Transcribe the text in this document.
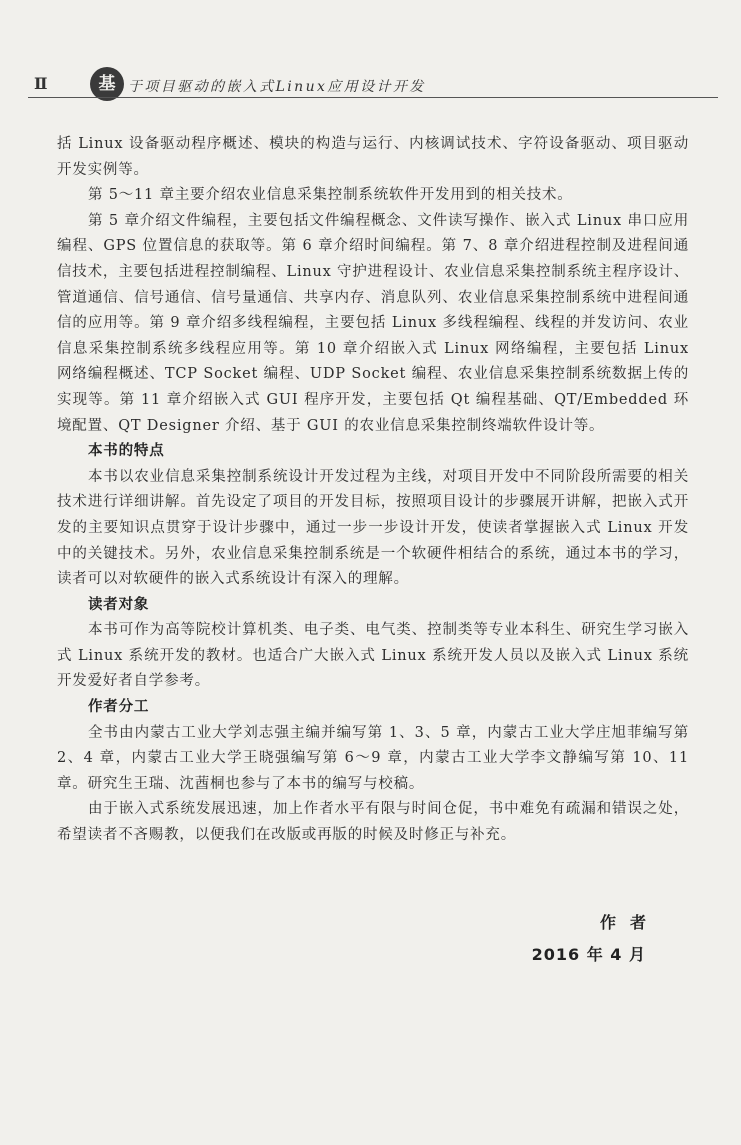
Ⅱ	基 于项目驱动的嵌入式Linux应用设计开发

括 Linux 设备驱动程序概述、模块的构造与运行、内核调试技术、字符设备驱动、项目驱动开发实例等。

第 5～11 章主要介绍农业信息采集控制系统软件开发用到的相关技术。

第 5 章介绍文件编程，主要包括文件编程概念、文件读写操作、嵌入式 Linux 串口应用编程、GPS 位置信息的获取等。第 6 章介绍时间编程。第 7、8 章介绍进程控制及进程间通信技术，主要包括进程控制编程、Linux 守护进程设计、农业信息采集控制系统主程序设计、管道通信、信号通信、信号量通信、共享内存、消息队列、农业信息采集控制系统中进程间通信的应用等。第 9 章介绍多线程编程，主要包括 Linux 多线程编程、线程的并发访问、农业信息采集控制系统多线程应用等。第 10 章介绍嵌入式 Linux 网络编程，主要包括 Linux 网络编程概述、TCP Socket 编程、UDP Socket 编程、农业信息采集控制系统数据上传的实现等。第 11 章介绍嵌入式 GUI 程序开发，主要包括 Qt 编程基础、QT/Embedded 环境配置、QT Designer 介绍、基于 GUI 的农业信息采集控制终端软件设计等。

本书的特点

本书以农业信息采集控制系统设计开发过程为主线，对项目开发中不同阶段所需要的相关技术进行详细讲解。首先设定了项目的开发目标，按照项目设计的步骤展开讲解，把嵌入式开发的主要知识点贯穿于设计步骤中，通过一步一步设计开发，使读者掌握嵌入式 Linux 开发中的关键技术。另外，农业信息采集控制系统是一个软硬件相结合的系统，通过本书的学习，读者可以对软硬件的嵌入式系统设计有深入的理解。

读者对象

本书可作为高等院校计算机类、电子类、电气类、控制类等专业本科生、研究生学习嵌入式 Linux 系统开发的教材。也适合广大嵌入式 Linux 系统开发人员以及嵌入式 Linux 系统开发爱好者自学参考。

作者分工

全书由内蒙古工业大学刘志强主编并编写第 1、3、5 章，内蒙古工业大学庄旭菲编写第 2、4 章，内蒙古工业大学王晓强编写第 6～9 章，内蒙古工业大学李文静编写第 10、11 章。研究生王瑞、沈莤桐也参与了本书的编写与校稿。

由于嵌入式系统发展迅速，加上作者水平有限与时间仓促，书中难免有疏漏和错误之处，希望读者不吝赐教，以便我们在改版或再版的时候及时修正与补充。

作者
2016 年 4 月
